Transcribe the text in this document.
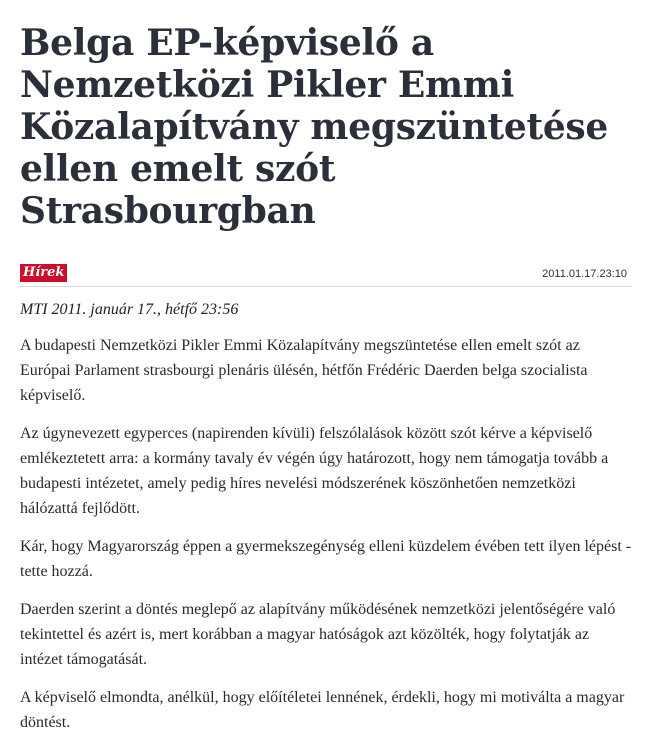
Belga EP-képviselő a Nemzetközi Pikler Emmi Közalapítvány megszüntetése ellen emelt szót Strasbourgban
Hírek	2011.01.17.23:10
MTI 2011. január 17., hétfő 23:56

A budapesti Nemzetközi Pikler Emmi Közalapítvány megszüntetése ellen emelt szót az Európai Parlament strasbourgi plenáris ülésén, hétfőn Frédéric Daerden belga szocialista képviselő.

Az úgynevezett egyperces (napirenden kívüli) felszólalások között szót kérve a képviselő emlékeztetett arra: a kormány tavaly év végén úgy határozott, hogy nem támogatja tovább a budapesti intézetet, amely pedig híres nevelési módszerének köszönhetően nemzetközi hálózattá fejlődött.

Kár, hogy Magyarország éppen a gyermekszegénység elleni küzdelem évében tett ilyen lépést - tette hozzá.

Daerden szerint a döntés meglepő az alapítvány működésének nemzetközi jelentőségére való tekintettel és azért is, mert korábban a magyar hatóságok azt közölték, hogy folytatják az intézet támogatását.

A képviselő elmondta, anélkül, hogy előítéletei lennének, érdekli, hogy mi motiválta a magyar döntést.
